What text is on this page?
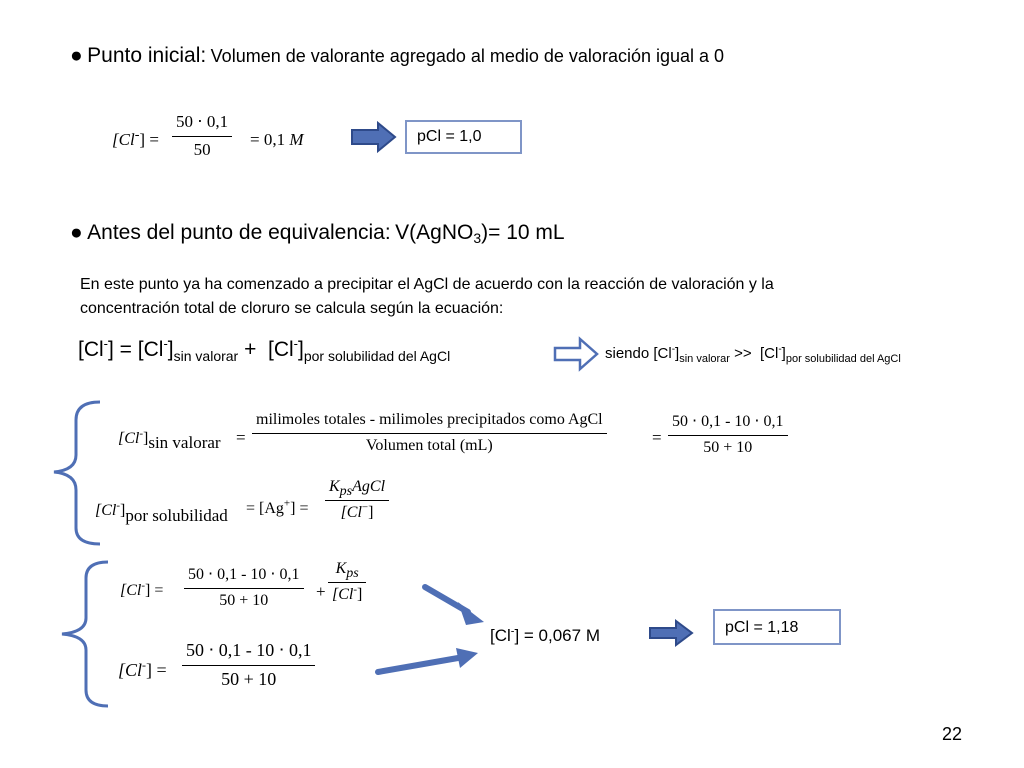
● Punto inicial: Volumen de valorante agregado al medio de valoración igual a 0
[Cl-] =
50 ⋅ 0,1
50
= 0,1 M	pCl = 1,0
● Antes del punto de equivalencia: V(AgNO$_3$)= 10 mL
En este punto ya ha comenzado a precipitar el AgCl de acuerdo con la reacción de valoración y la
concentración total de cloruro se calcula según la ecuación:
$[Cl^-] = [Cl^-]_{sin valorar} + [Cl^-]_{por solubilidad del AgCl}$	siendo $[Cl^-]_{sin valorar} >> [Cl^-]_{por solubilidad del AgCl}$
[Cl-]sin valorar =
milimoles totales - milimoles precipitados como AgCl
Volumen total (mL)	=
50 ⋅ 0,1 - 10 ⋅ 0,1
50 + 10
[Cl-]por solubilidad = [Ag+] =
$K_{ps}AgCl$
[Cl−]
[Cl-] =
50 ⋅ 0,1 - 10 ⋅ 0,1
50 + 10	+
$K_{ps}$
[Cl-]
[Cl-] =
50 ⋅ 0,1 - 10 ⋅ 0,1
50 + 10
[Cl-] = 0,067 M	pCl = 1,18
22
